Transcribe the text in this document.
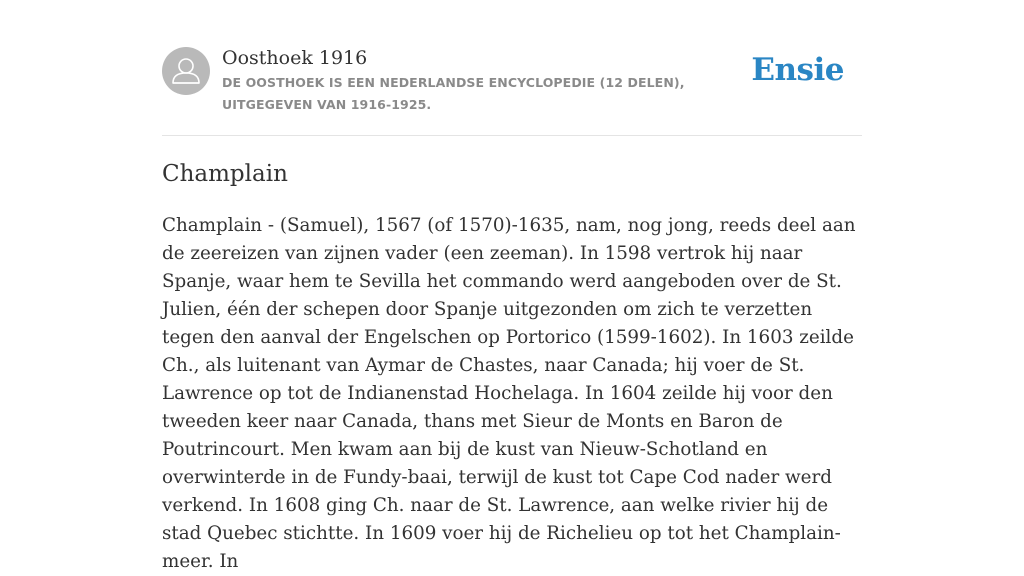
Oosthoek 1916
DE OOSTHOEK IS EEN NEDERLANDSE ENCYCLOPEDIE (12 DELEN), UITGEGEVEN VAN 1916-1925.
Ensie
Champlain

Champlain - (Samuel), 1567 (of 1570)-1635, nam, nog jong, reeds deel aan de zeereizen van zijnen vader (een zeeman). In 1598 vertrok hij naar Spanje, waar hem te Sevilla het commando werd aangeboden over de St. Julien, één der schepen door Spanje uitgezonden om zich te verzetten tegen den aanval der Engelschen op Portorico (1599-1602). In 1603 zeilde Ch., als luitenant van Aymar de Chastes, naar Canada; hij voer de St. Lawrence op tot de Indianenstad Hochelaga. In 1604 zeilde hij voor den tweeden keer naar Canada, thans met Sieur de Monts en Baron de Poutrincourt. Men kwam aan bij de kust van Nieuw-Schotland en overwinterde in de Fundy-baai, terwijl de kust tot Cape Cod nader werd verkend. In 1608 ging Ch. naar de St. Lawrence, aan welke rivier hij de stad Quebec stichtte. In 1609 voer hij de Richelieu op tot het Champlain-meer. In
